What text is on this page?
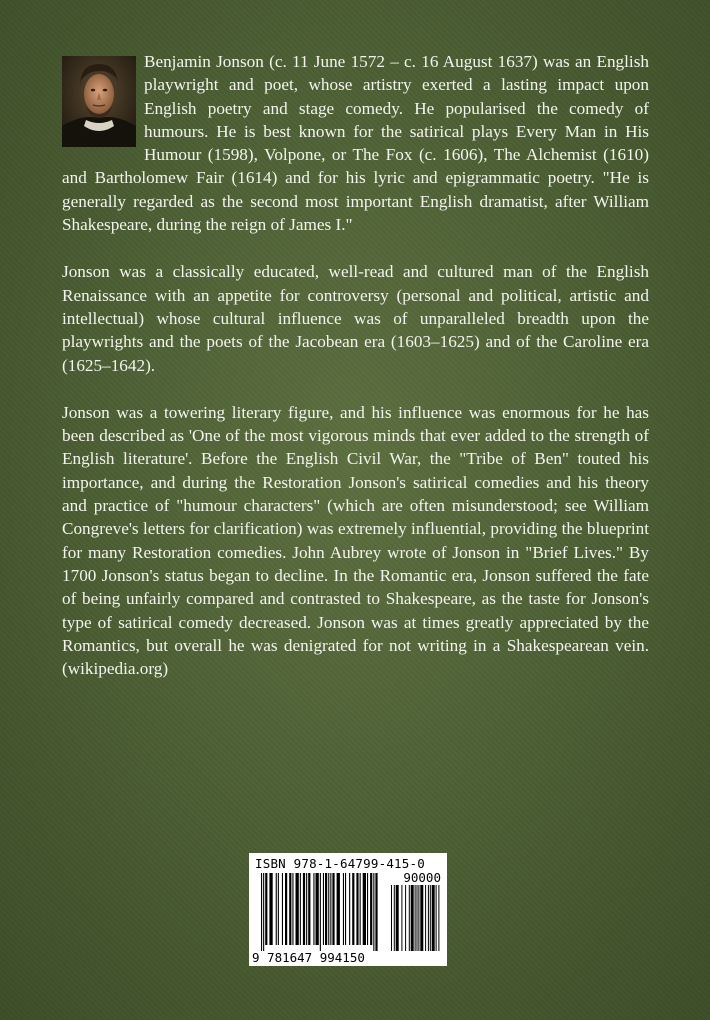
Benjamin Jonson (c. 11 June 1572 – c. 16 August 1637) was an English playwright and poet, whose artistry exerted a lasting impact upon English poetry and stage comedy. He popularised the comedy of humours. He is best known for the satirical plays Every Man in His Humour (1598), Volpone, or The Fox (c. 1606), The Alchemist (1610) and Bartholomew Fair (1614) and for his lyric and epigrammatic poetry. "He is generally regarded as the second most important English dramatist, after William Shakespeare, during the reign of James I."

Jonson was a classically educated, well-read and cultured man of the English Renaissance with an appetite for controversy (personal and political, artistic and intellectual) whose cultural influence was of unparalleled breadth upon the playwrights and the poets of the Jacobean era (1603–1625) and of the Caroline era (1625–1642).

Jonson was a towering literary figure, and his influence was enormous for he has been described as 'One of the most vigorous minds that ever added to the strength of English literature'. Before the English Civil War, the "Tribe of Ben" touted his importance, and during the Restoration Jonson's satirical comedies and his theory and practice of "humour characters" (which are often misunderstood; see William Congreve's letters for clarification) was extremely influential, providing the blueprint for many Restoration comedies. John Aubrey wrote of Jonson in "Brief Lives." By 1700 Jonson's status began to decline. In the Romantic era, Jonson suffered the fate of being unfairly compared and contrasted to Shakespeare, as the taste for Jonson's type of satirical comedy decreased. Jonson was at times greatly appreciated by the Romantics, but overall he was denigrated for not writing in a Shakespearean vein. (wikipedia.org)

ISBN 978-1-64799-415-0
90000
9 781647 994150
